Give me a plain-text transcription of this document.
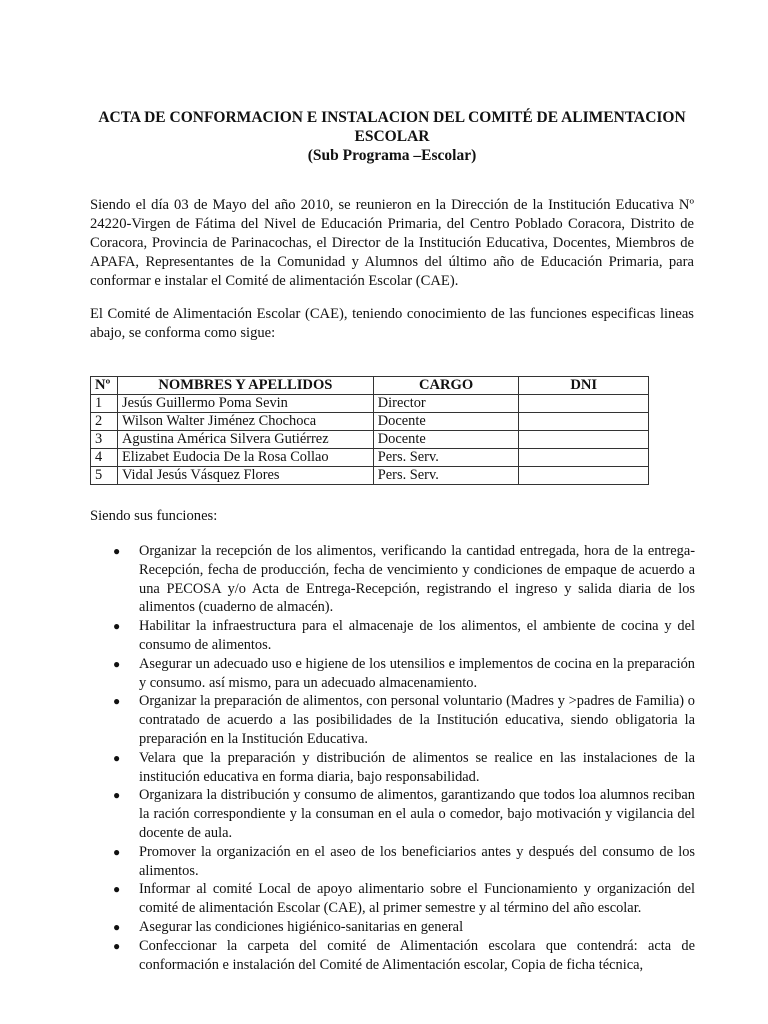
ACTA DE CONFORMACION E INSTALACION DEL COMITÉ DE ALIMENTACION
ESCOLAR
(Sub Programa –Escolar)
Siendo el día 03 de Mayo del año 2010, se reunieron en la Dirección de la Institución Educativa Nº 24220-Virgen de Fátima del Nivel de Educación Primaria, del Centro Poblado Coracora, Distrito de Coracora, Provincia de Parinacochas, el Director de la Institución Educativa, Docentes, Miembros de APAFA, Representantes de la Comunidad y Alumnos del último año de Educación Primaria, para conformar e instalar el Comité de alimentación Escolar (CAE).
El Comité de Alimentación Escolar (CAE), teniendo conocimiento de las funciones especificas lineas abajo, se conforma como sigue:
Nº	NOMBRES Y APELLIDOS	CARGO	DNI
1	Jesús Guillermo Poma Sevin	Director	
2	Wilson Walter Jiménez Chochoca	Docente	
3	Agustina América Silvera Gutiérrez	Docente	
4	Elizabet Eudocia De la Rosa Collao	Pers. Serv.	
5	Vidal Jesús Vásquez Flores	Pers. Serv.	
Siendo sus funciones:
● Organizar la recepción de los alimentos, verificando la cantidad entregada, hora de la entrega-Recepción, fecha de producción, fecha de vencimiento y condiciones de empaque de acuerdo a una PECOSA y/o Acta de Entrega-Recepción, registrando el ingreso y salida diaria de los alimentos (cuaderno de almacén).
● Habilitar la infraestructura para el almacenaje de los alimentos, el ambiente de cocina y del consumo de alimentos.
● Asegurar un adecuado uso e higiene de los utensilios e implementos de cocina en la preparación y consumo. así mismo, para un adecuado almacenamiento.
● Organizar la preparación de alimentos, con personal voluntario (Madres y >padres de Familia) o contratado de acuerdo a las posibilidades de la Institución educativa, siendo obligatoria la preparación en la Institución Educativa.
● Velara que la preparación y distribución de alimentos se realice en las instalaciones de la institución educativa en forma diaria, bajo responsabilidad.
● Organizara la distribución y consumo de alimentos, garantizando que todos loa alumnos reciban la ración correspondiente y la consuman en el aula o comedor, bajo motivación y vigilancia del docente de aula.
● Promover la organización en el aseo de los beneficiarios antes y después del consumo de los alimentos.
● Informar al comité Local de apoyo alimentario sobre el Funcionamiento y organización del comité de alimentación Escolar (CAE), al primer semestre y al término del año escolar.
● Asegurar las condiciones higiénico-sanitarias en general
● Confeccionar la carpeta del comité de Alimentación escolara que contendrá: acta de conformación e instalación del Comité de Alimentación escolar, Copia de ficha técnica,
